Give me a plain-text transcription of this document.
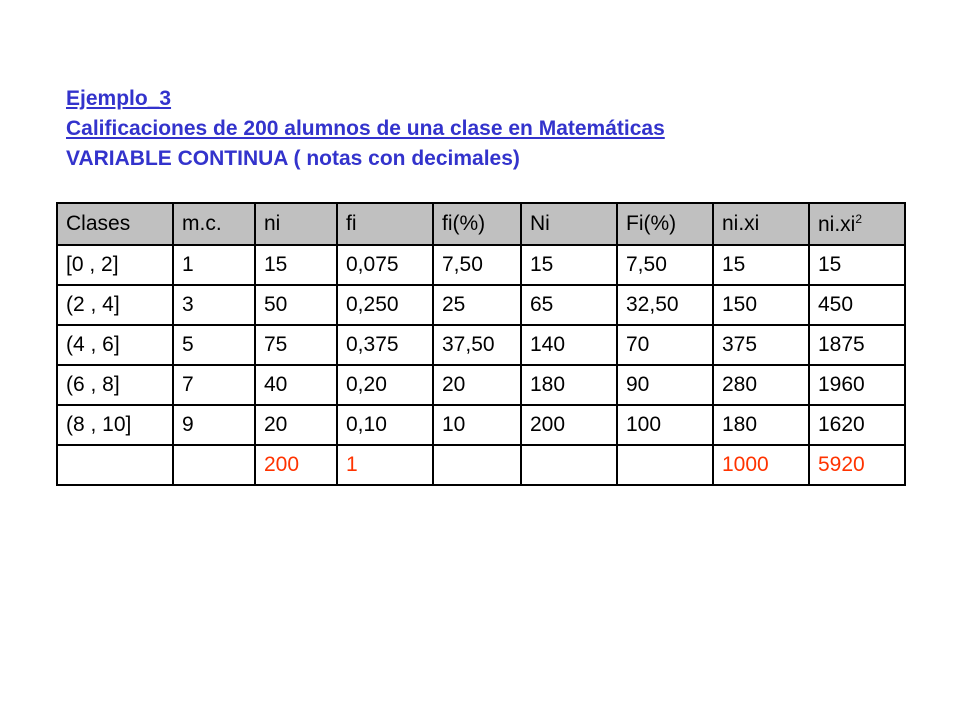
Ejemplo_3
Calificaciones de 200 alumnos de una clase en Matemáticas
VARIABLE CONTINUA ( notas con decimales)
Clases	m.c.	ni	fi	fi(%)	Ni	Fi(%)	ni.xi	$ni.xi^2$
[0 , 2]	1	15	0,075	7,50	15	7,50	15	15
(2 , 4]	3	50	0,250	25	65	32,50	150	450
(4 , 6]	5	75	0,375	37,50	140	70	375	1875
(6 , 8]	7	40	0,20	20	180	90	280	1960
(8 , 10]	9	20	0,10	10	200	100	180	1620
		200	1				1000	5920
